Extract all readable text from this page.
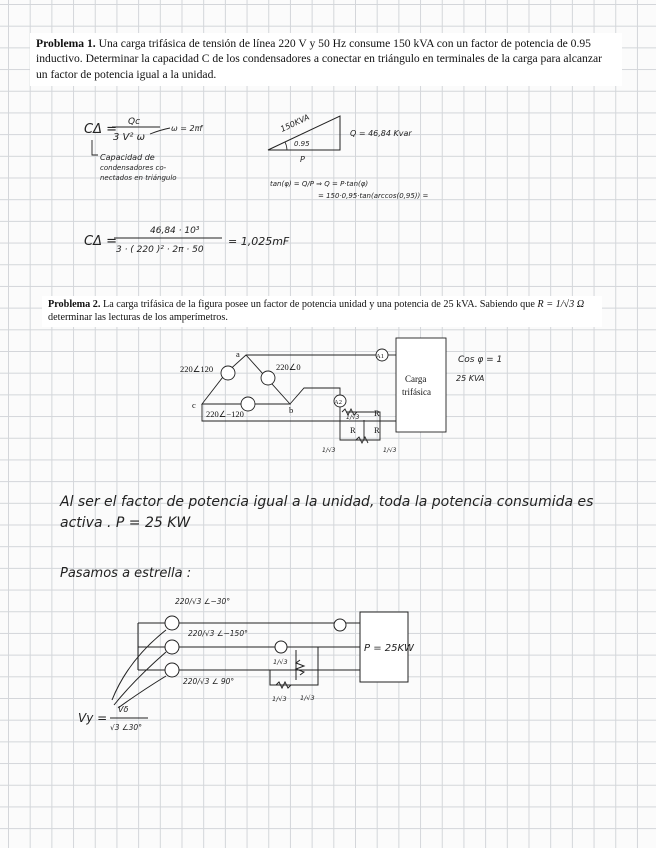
Problema 1. Una carga trifásica de tensión de línea 220 V y 50 Hz consume 150 kVA con un factor de potencia de 0.95 inductivo. Determinar la capacidad C de los condensadores a conectar en triángulo en terminales de la carga para alcanzar un factor de potencia igual a la unidad.
Problema 2. La carga trifásica de la figura posee un factor de potencia unidad y una potencia de 25 kVA. Sabiendo que R = 1/√3 Ω determinar las lecturas de los amperímetros.
CΔ = Qc
3 V² ω
ω = 2πf
Capacidad de
condensadores co-
nectados en triángulo
150KVA
0.95
P
Q = 46,84 Kvar
tan(φ) = Q/P ⇒ Q = P·tan(φ)
= 150·0,95·tan(arccos(0,95)) =
CΔ =
46,84 · 10³
3 · ( 220 )² · 2π · 50
= 1,025mF
220∠120	220∠0
220∠−120
a
b
c
A1
A2
Carga
trifásica
R
R R
1/√3
1/√3	1/√3
Cos φ = 1
25 KVA
Al ser el factor de potencia igual a la unidad, toda la potencia consumida es
activa . P = 25 KW
Pasamos a estrella :
220/√3 ∠−30°
220/√3 ∠−150°
220/√3 ∠ 90°
P = 25KW
1/√3
1/√3 1/√3
Vy =
Vδ
√3 ∠30°
